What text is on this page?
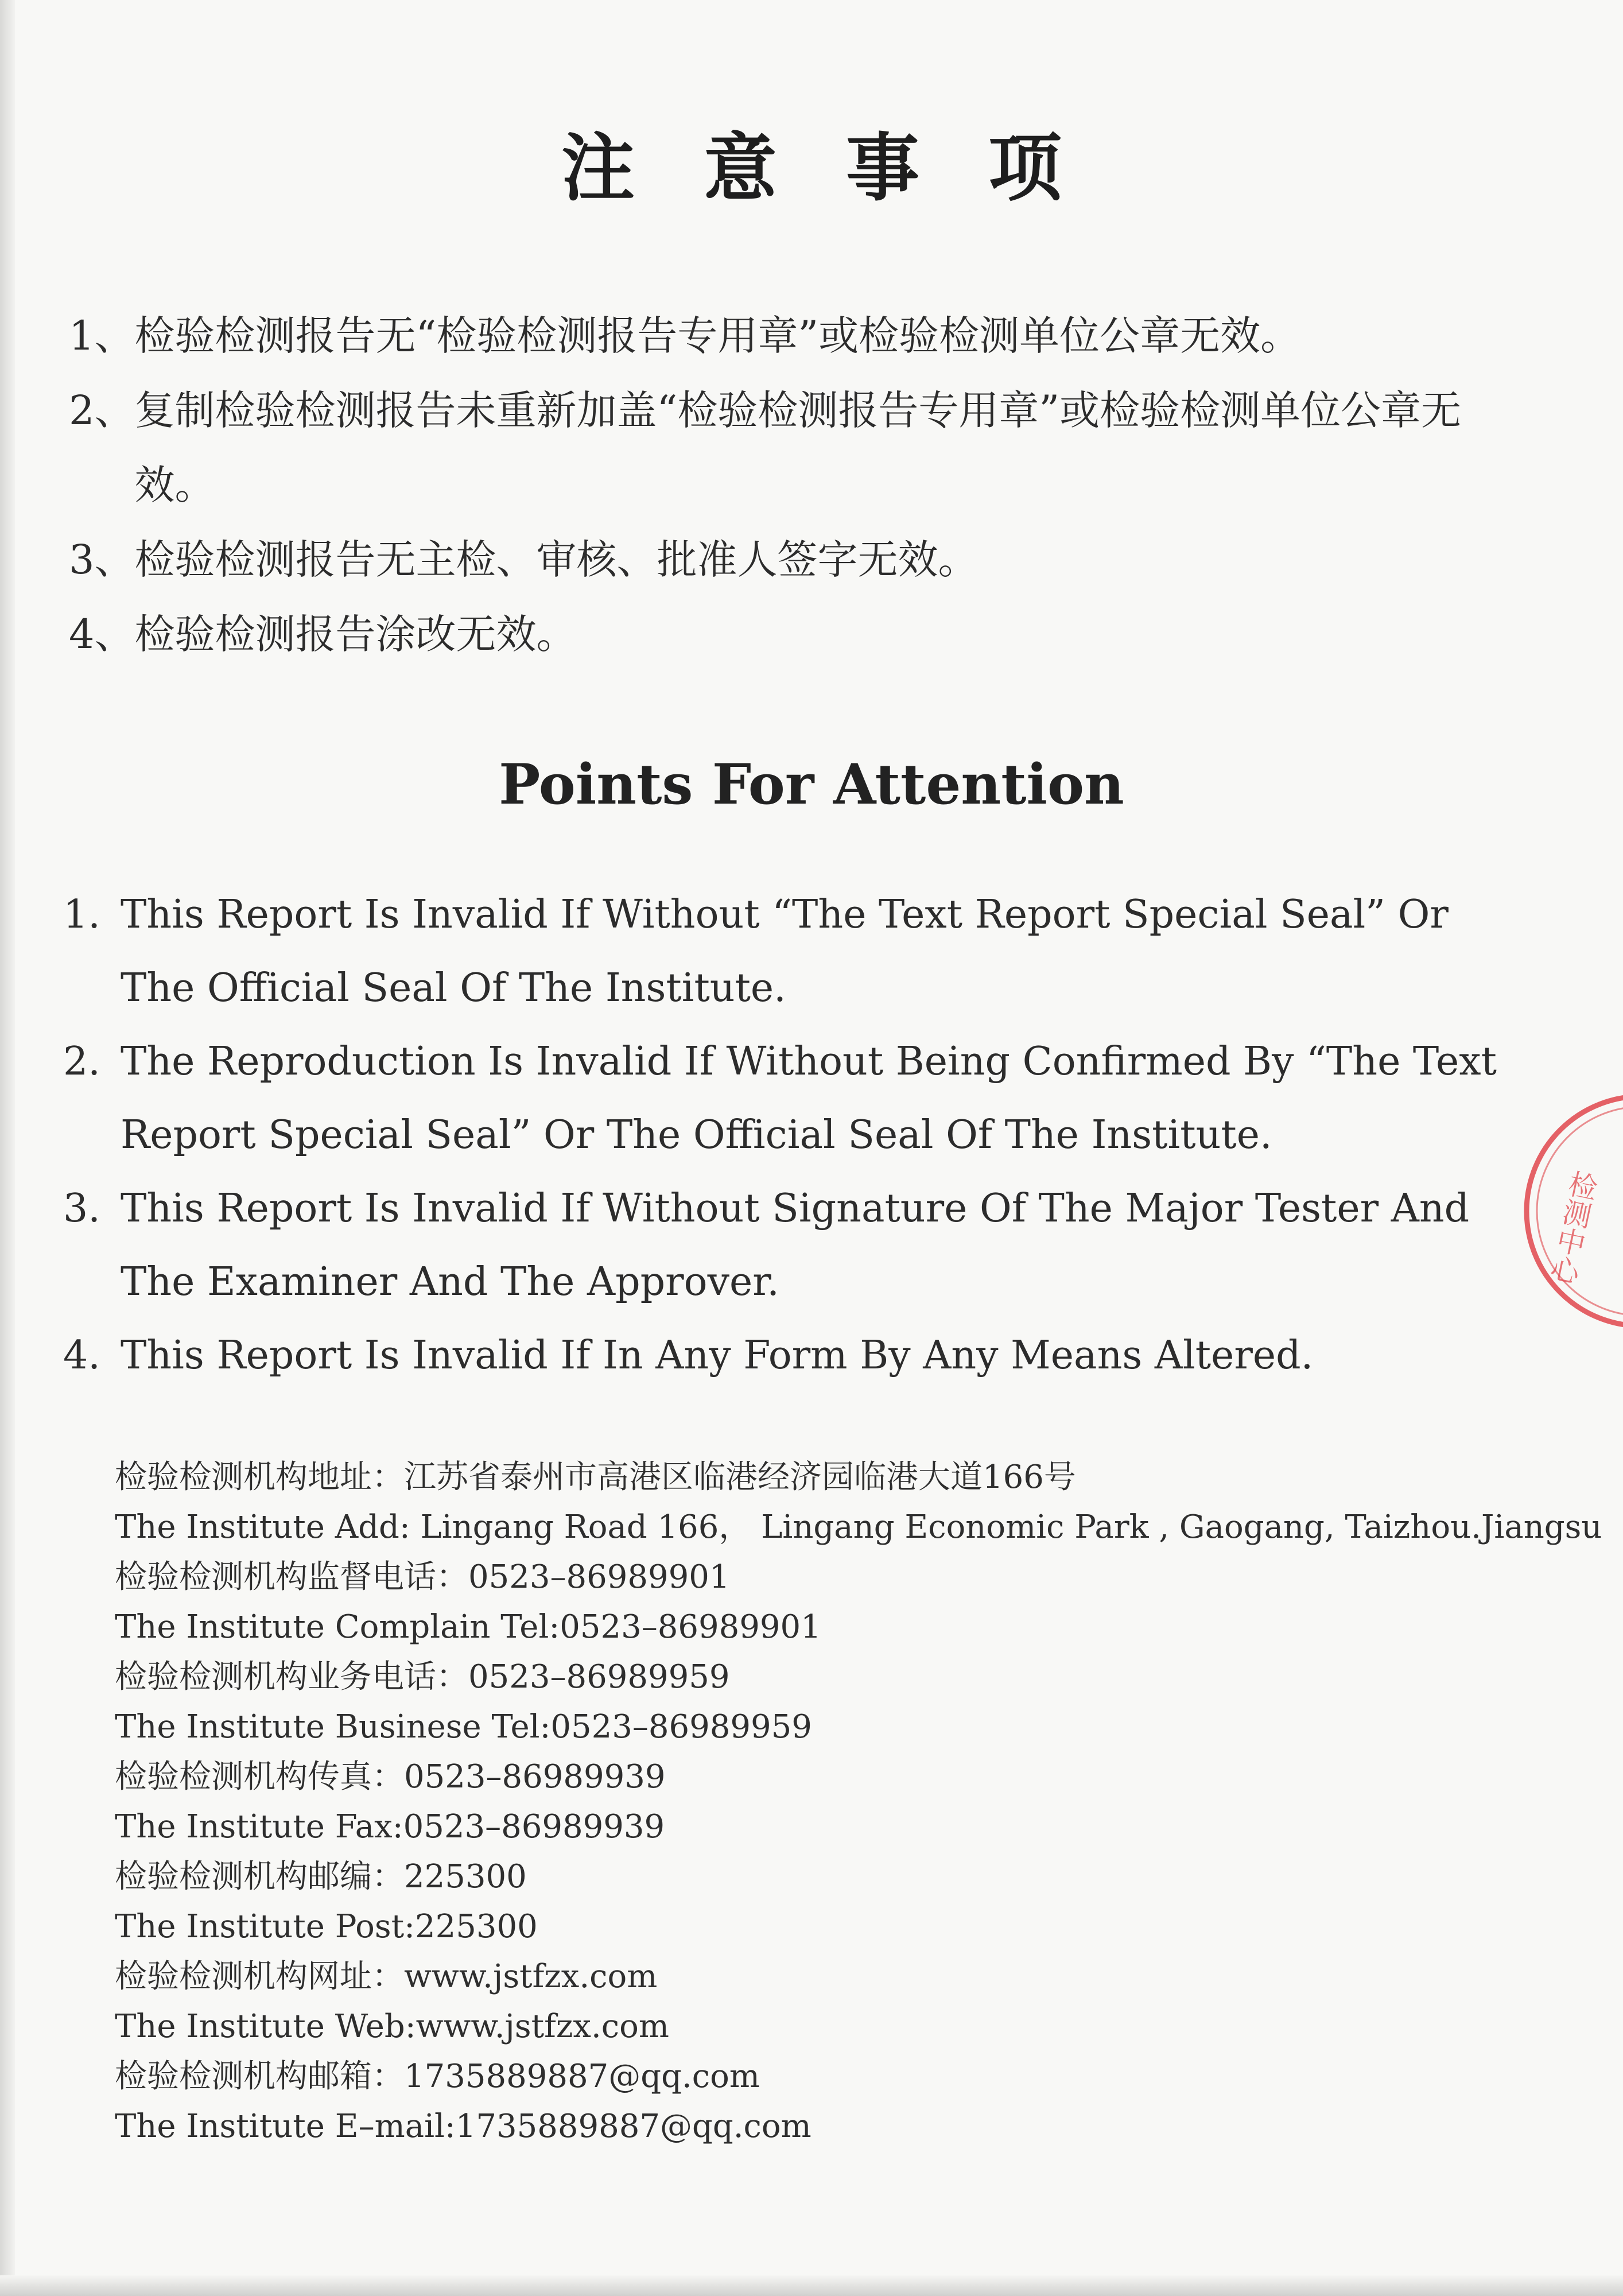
注意事项
1、 检验检测报告无“检验检测报告专用章”或检验检测单位公章无效。
2、 复制检验检测报告未重新加盖“检验检测报告专用章”或检验检测单位公章无效。
3、 检验检测报告无主检、审核、批准人签字无效。
4、 检验检测报告涂改无效。
Points For Attention
1. This Report Is Invalid If Without “The Text Report Special Seal” Or The Official Seal Of The Institute.
2. The Reproduction Is Invalid If Without Being Confirmed By “The Text Report Special Seal” Or The Official Seal Of The Institute.
3. This Report Is Invalid If Without Signature Of The Major Tester And The Examiner And The Approver.
4. This Report Is Invalid If In Any Form By Any Means Altered.
检验检测机构地址：江苏省泰州市高港区临港经济园临港大道166号
The Institute Add: Lingang Road 166， Lingang Economic Park , Gaogang, Taizhou.Jiangsu
检验检测机构监督电话：0523–86989901
The Institute Complain Tel:0523–86989901
检验检测机构业务电话：0523–86989959
The Institute Businese Tel:0523–86989959
检验检测机构传真：0523–86989939
The Institute Fax:0523–86989939
检验检测机构邮编：225300
The Institute Post:225300
检验检测机构网址：www.jstfzx.com
The Institute Web:www.jstfzx.com
检验检测机构邮箱：1735889887@qq.com
The Institute E–mail:1735889887@qq.com
检测中心
